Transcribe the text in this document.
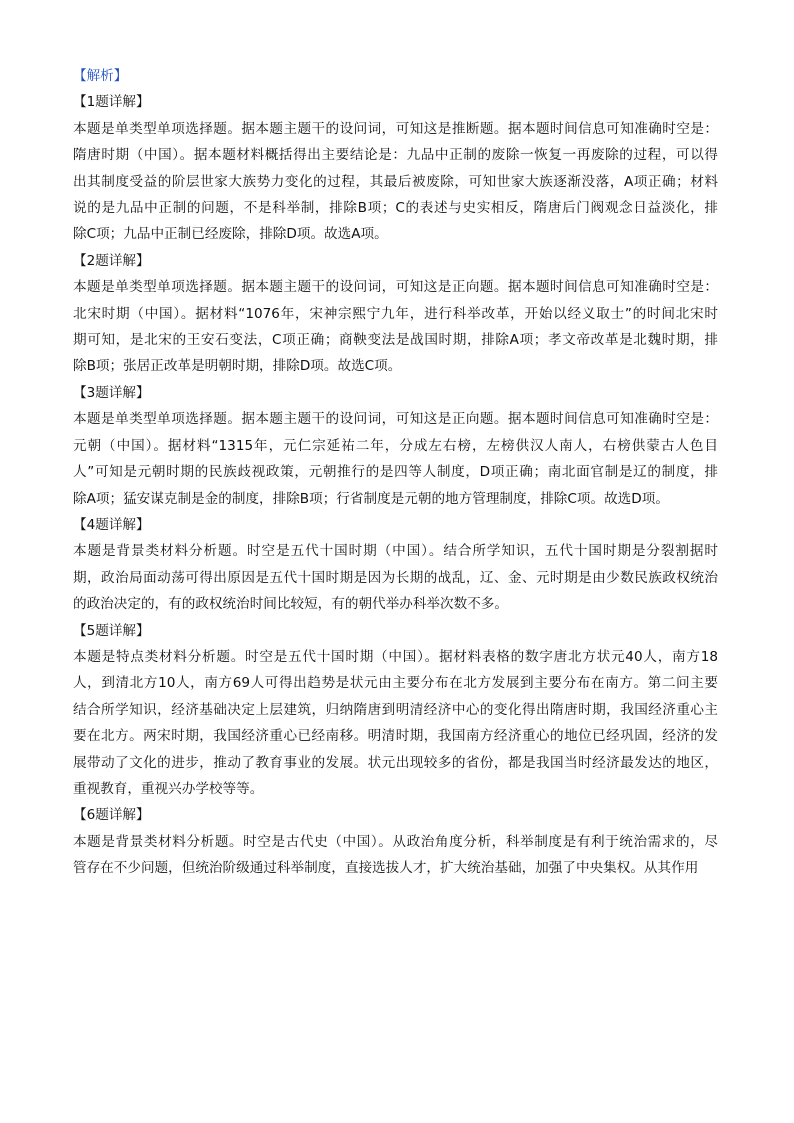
【解析】

【1题详解】

本题是单类型单项选择题。据本题主题干的设问词，可知这是推断题。据本题时间信息可知准确时空是：
隋唐时期（中国）。据本题材料概括得出主要结论是：九品中正制的废除一恢复一再废除的过程，可以得
出其制度受益的阶层世家大族势力变化的过程，其最后被废除，可知世家大族逐渐没落，A项正确；材料
说的是九品中正制的问题，不是科举制，排除B项；C的表述与史实相反，隋唐后门阀观念日益淡化，排
除C项；九品中正制已经废除，排除D项。故选A项。

【2题详解】

本题是单类型单项选择题。据本题主题干的设问词，可知这是正向题。据本题时间信息可知准确时空是：
北宋时期（中国）。据材料“1076年，宋神宗熙宁九年，进行科举改革，开始以经义取士”的时间北宋时
期可知，是北宋的王安石变法，C项正确；商鞅变法是战国时期，排除A项；孝文帝改革是北魏时期，排
除B项；张居正改革是明朝时期，排除D项。故选C项。

【3题详解】

本题是单类型单项选择题。据本题主题干的设问词，可知这是正向题。据本题时间信息可知准确时空是：
元朝（中国）。据材料“1315年，元仁宗延祐二年，分成左右榜，左榜供汉人南人，右榜供蒙古人色目
人”可知是元朝时期的民族歧视政策，元朝推行的是四等人制度，D项正确；南北面官制是辽的制度，排
除A项；猛安谋克制是金的制度，排除B项；行省制度是元朝的地方管理制度，排除C项。故选D项。

【4题详解】

本题是背景类材料分析题。时空是五代十国时期（中国）。结合所学知识，五代十国时期是分裂割据时
期，政治局面动荡可得出原因是五代十国时期是因为长期的战乱，辽、金、元时期是由少数民族政权统治
的政治决定的，有的政权统治时间比较短，有的朝代举办科举次数不多。

【5题详解】

本题是特点类材料分析题。时空是五代十国时期（中国）。据材料表格的数字唐北方状元40人，南方18
人，到清北方10人，南方69人可得出趋势是状元由主要分布在北方发展到主要分布在南方。第二问主要
结合所学知识，经济基础决定上层建筑，归纳隋唐到明清经济中心的变化得出隋唐时期，我国经济重心主
要在北方。两宋时期，我国经济重心已经南移。明清时期，我国南方经济重心的地位已经巩固，经济的发
展带动了文化的进步，推动了教育事业的发展。状元出现较多的省份，都是我国当时经济最发达的地区，
重视教育，重视兴办学校等等。

【6题详解】

本题是背景类材料分析题。时空是古代史（中国）。从政治角度分析，科举制度是有利于统治需求的，尽
管存在不少问题，但统治阶级通过科举制度，直接选拔人才，扩大统治基础，加强了中央集权。从其作用
